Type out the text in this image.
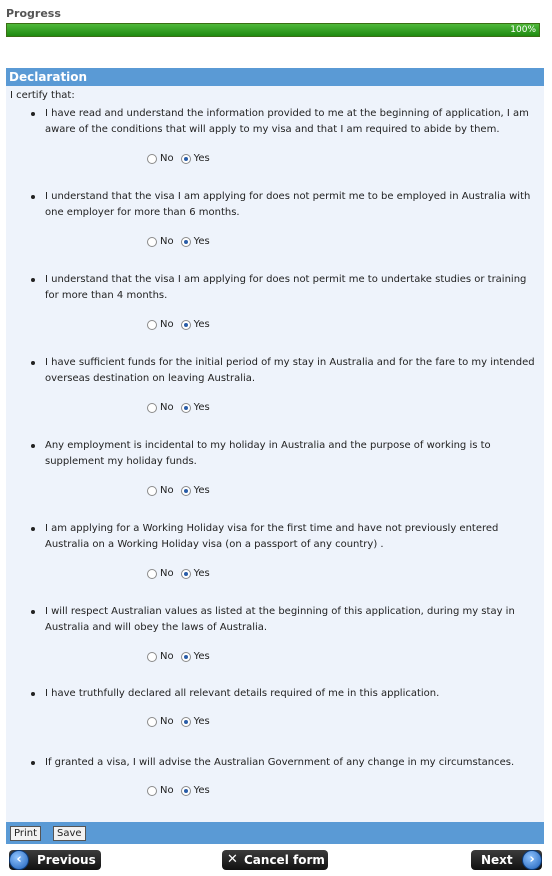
Progress
100%
Declaration
I certify that:
I have read and understand the information provided to me at the beginning of application, I am aware of the conditions that will apply to my visa and that I am required to abide by them.
No Yes
I understand that the visa I am applying for does not permit me to be employed in Australia with one employer for more than 6 months.
No Yes
I understand that the visa I am applying for does not permit me to undertake studies or training for more than 4 months.
No Yes
I have sufficient funds for the initial period of my stay in Australia and for the fare to my intended overseas destination on leaving Australia.
No Yes
Any employment is incidental to my holiday in Australia and the purpose of working is to supplement my holiday funds.
No Yes
I am applying for a Working Holiday visa for the first time and have not previously entered Australia on a Working Holiday visa (on a passport of any country) .
No Yes
I will respect Australian values as listed at the beginning of this application, during my stay in Australia and will obey the laws of Australia.
No Yes
I have truthfully declared all relevant details required of me in this application.
No Yes
If granted a visa, I will advise the Australian Government of any change in my circumstances.
No Yes
Print	Save
‹	Previous	✕ Cancel form	Next	›
